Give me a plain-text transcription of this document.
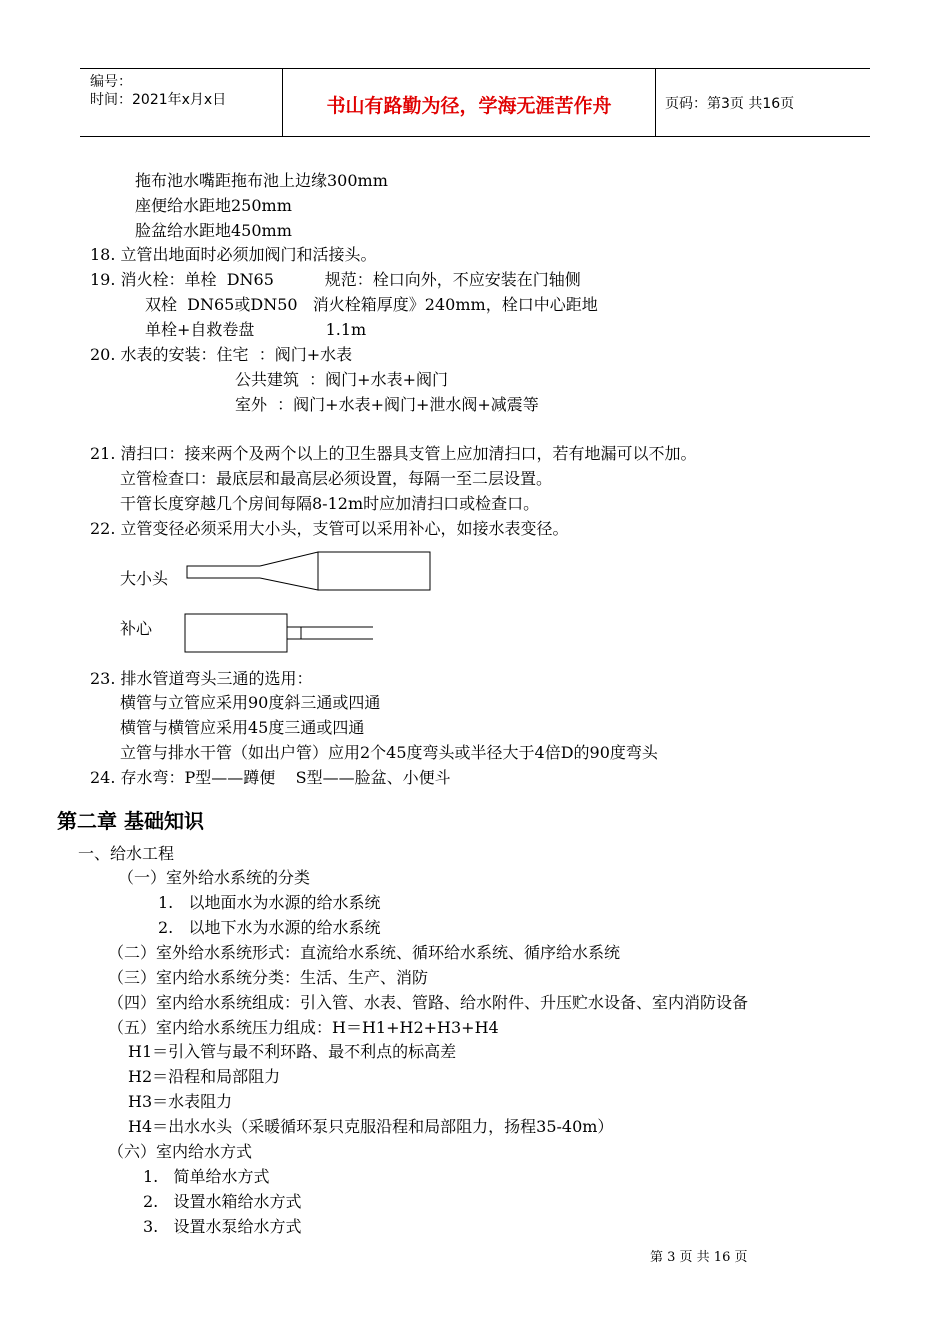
编号：
时间：2021年x月x日	书山有路勤为径，学海无涯苦作舟	页码：第3页 共16页
拖布池水嘴距拖布池上边缘300mm
座便给水距地250mm
脸盆给水距地450mm
18. 立管出地面时必须加阀门和活接头。
19. 消火栓：单栓  DN65          规范：栓口向外，不应安装在门轴侧
双栓  DN65或DN50   消火栓箱厚度》240mm，栓口中心距地
单栓+自救卷盘              1.1m
20. 水表的安装：住宅  ：阀门+水表
公共建筑  ：阀门+水表+阀门
室外  ：阀门+水表+阀门+泄水阀+减震等
21. 清扫口：接来两个及两个以上的卫生器具支管上应加清扫口，若有地漏可以不加。
立管检查口：最底层和最高层必须设置，每隔一至二层设置。
干管长度穿越几个房间每隔8-12m时应加清扫口或检查口。
22. 立管变径必须采用大小头，支管可以采用补心，如接水表变径。
大小头
补心
23. 排水管道弯头三通的选用：
横管与立管应采用90度斜三通或四通
横管与横管应采用45度三通或四通
立管与排水干管（如出户管）应用2个45度弯头或半径大于4倍D的90度弯头
24. 存水弯：P型——蹲便    S型——脸盆、小便斗
第二章 基础知识
一、给水工程
（一）室外给水系统的分类
1.   以地面水为水源的给水系统
2.   以地下水为水源的给水系统
（二）室外给水系统形式：直流给水系统、循环给水系统、循序给水系统
（三）室内给水系统分类：生活、生产、消防
（四）室内给水系统组成：引入管、水表、管路、给水附件、升压贮水设备、室内消防设备
（五）室内给水系统压力组成：H＝H1+H2+H3+H4
H1＝引入管与最不利环路、最不利点的标高差
H2＝沿程和局部阻力
H3＝水表阻力
H4＝出水水头（采暖循环泵只克服沿程和局部阻力，扬程35-40m）
（六）室内给水方式
1.   简单给水方式
2.   设置水箱给水方式
3.   设置水泵给水方式
第 3 页 共 16 页
